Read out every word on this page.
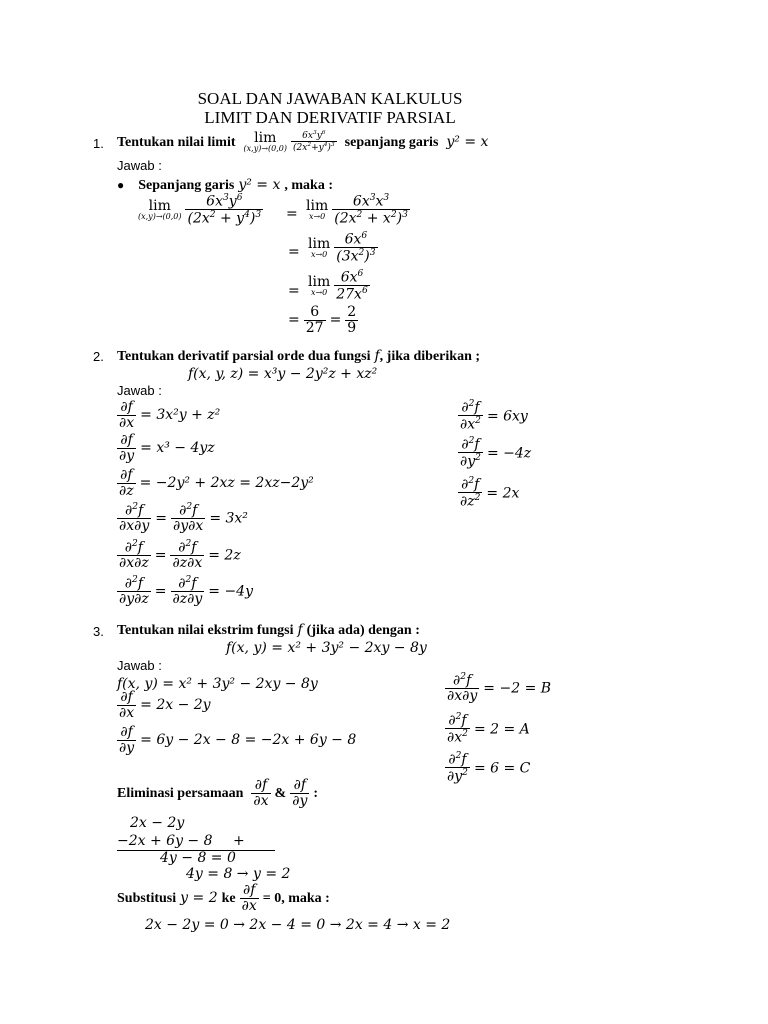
SOAL DAN JAWABAN KALKULUS
LIMIT DAN DERIVATIF PARSIAL
1. Tentukan nilai limit lim
(x,y)→(0,0)
$\frac{6x^3y^6}{(2x^2+y^4)^3}$ sepanjang garis y² = x
Jawab :
● Sepanjang garis y² = x , maka :
lim
(x,y)→(0,0)
$\frac{6x^3y^6}{(2x^2 + y^4)^3} = \lim$
x→0
$\frac{6x^3x^3}{(2x^2 + x^2)^3}$
= lim
x→0
$\frac{6x^6}{(3x^2)^3}$
=
lim
x→0
$\frac{6x^6}{27x^6}$
= $\frac{6}{27} = \frac{2}{9}$
2. Tentukan derivatif parsial orde dua fungsi f, jika diberikan ;
f(x, y, z) = x³y − 2y²z + xz²
Jawab :
$\frac{\partial f}{\partial x} = 3x^2y + z^2$
$\frac{\partial f}{\partial y} = x^3 - 4yz$
$\frac{\partial f}{\partial z} = -2y^2 + 2xz = 2xz-2y^2$
$\frac{\partial^2f}{\partial x\partial y} = \frac{\partial^2f}{\partial y\partial x} = 3x^2$
$\frac{\partial^2f}{\partial x\partial z} = \frac{\partial^2f}{\partial z\partial x} = 2z$
$\frac{\partial^2f}{\partial y\partial z} = \frac{\partial^2f}{\partial z\partial y} = -4y$
$\frac{\partial^2f}{\partial x^2} = 6xy$
$\frac{\partial^2f}{\partial y^2} = -4z$
$\frac{\partial^2f}{\partial z^2} = 2x$
3. Tentukan nilai ekstrim fungsi f (jika ada) dengan :
f(x, y) = x² + 3y² − 2xy − 8y
Jawab :
f(x, y) = x² + 3y² − 2xy − 8y
$\frac{\partial f}{\partial x} = 2x - 2y$
$\frac{\partial f}{\partial y} = 6y - 2x - 8 = -2x + 6y - 8$
$\frac{\partial^2f}{\partial x\partial y} = -2 = B$
$\frac{\partial^2f}{\partial x^2} = 2 = A$
$\frac{\partial^2f}{\partial y^2} = 6 = C$
Eliminasi persamaan $\frac{\partial f}{\partial x}$ & $\frac{\partial f}{\partial y}$ :
2x − 2y
−2x + 6y − 8 +
4y − 8 = 0
4y = 8 → y = 2
Substitusi y = 2 ke $\frac{\partial f}{\partial x} = 0$, maka :
2x − 2y = 0 → 2x − 4 = 0 → 2x = 4 → x = 2
